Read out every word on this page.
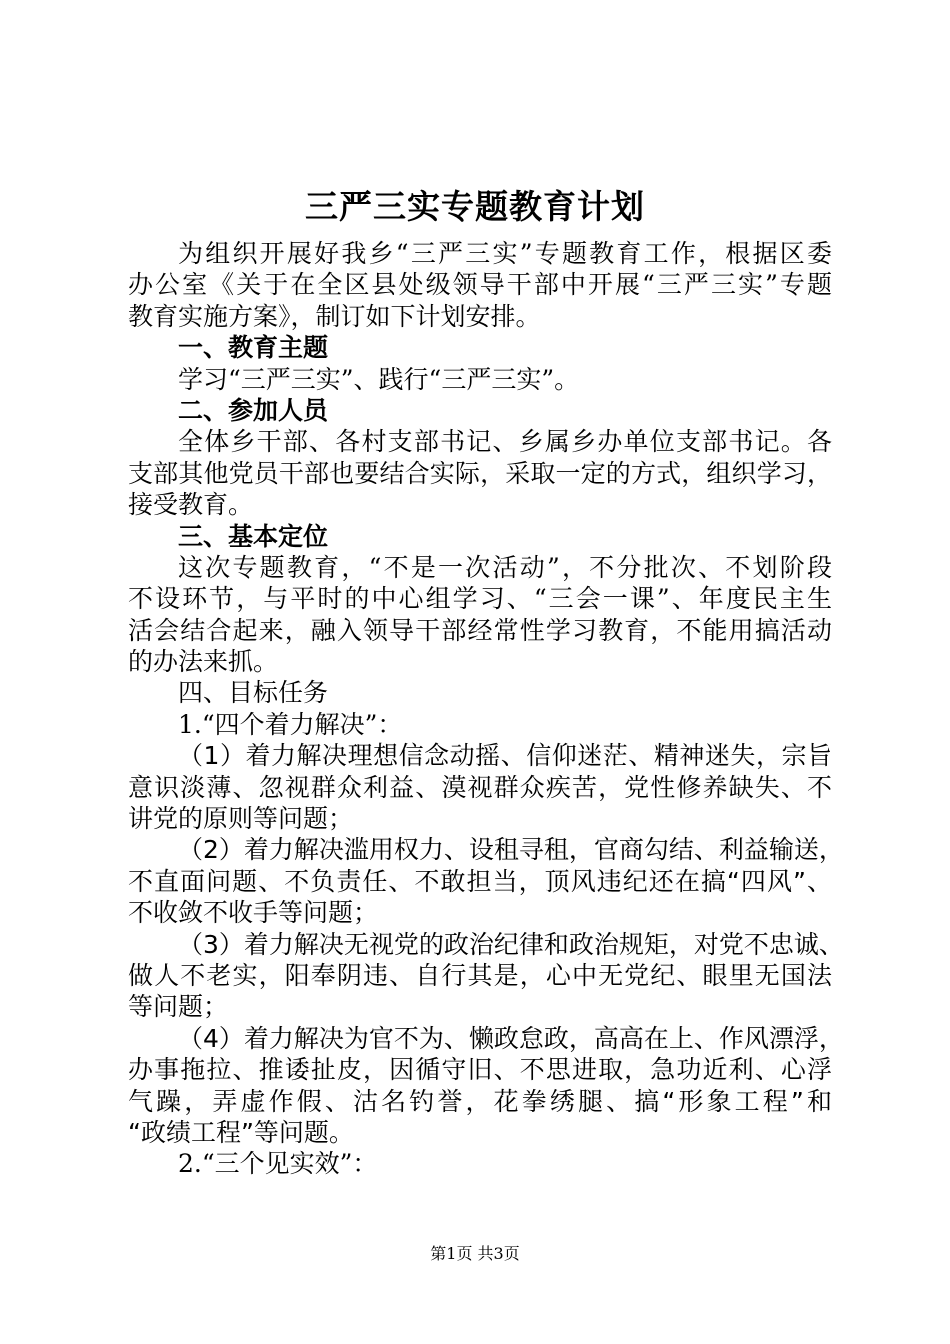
三严三实专题教育计划
为组织开展好我乡“三严三实”专题教育工作，根据区委
办公室《关于在全区县处级领导干部中开展“三严三实”专题
教育实施方案》，制订如下计划安排。
一、教育主题
学习“三严三实”、践行“三严三实”。
二、参加人员
全体乡干部、各村支部书记、乡属乡办单位支部书记。各
支部其他党员干部也要结合实际，采取一定的方式，组织学习，
接受教育。
三、基本定位
这次专题教育，“不是一次活动”，不分批次、不划阶段
不设环节，与平时的中心组学习、“三会一课”、年度民主生
活会结合起来，融入领导干部经常性学习教育，不能用搞活动
的办法来抓。
四、目标任务
1.“四个着力解决”：
（1）着力解决理想信念动摇、信仰迷茫、精神迷失，宗旨
意识淡薄、忽视群众利益、漠视群众疾苦，党性修养缺失、不
讲党的原则等问题；
（2）着力解决滥用权力、设租寻租，官商勾结、利益输送，
不直面问题、不负责任、不敢担当，顶风违纪还在搞“四风”、
不收敛不收手等问题；
（3）着力解决无视党的政治纪律和政治规矩，对党不忠诚、
做人不老实，阳奉阴违、自行其是，心中无党纪、眼里无国法
等问题；
（4）着力解决为官不为、懒政怠政，高高在上、作风漂浮，
办事拖拉、推诿扯皮，因循守旧、不思进取，急功近利、心浮
气躁，弄虚作假、沽名钓誉，花拳绣腿、搞“形象工程”和
“政绩工程”等问题。
2.“三个见实效”：
第1页 共3页
